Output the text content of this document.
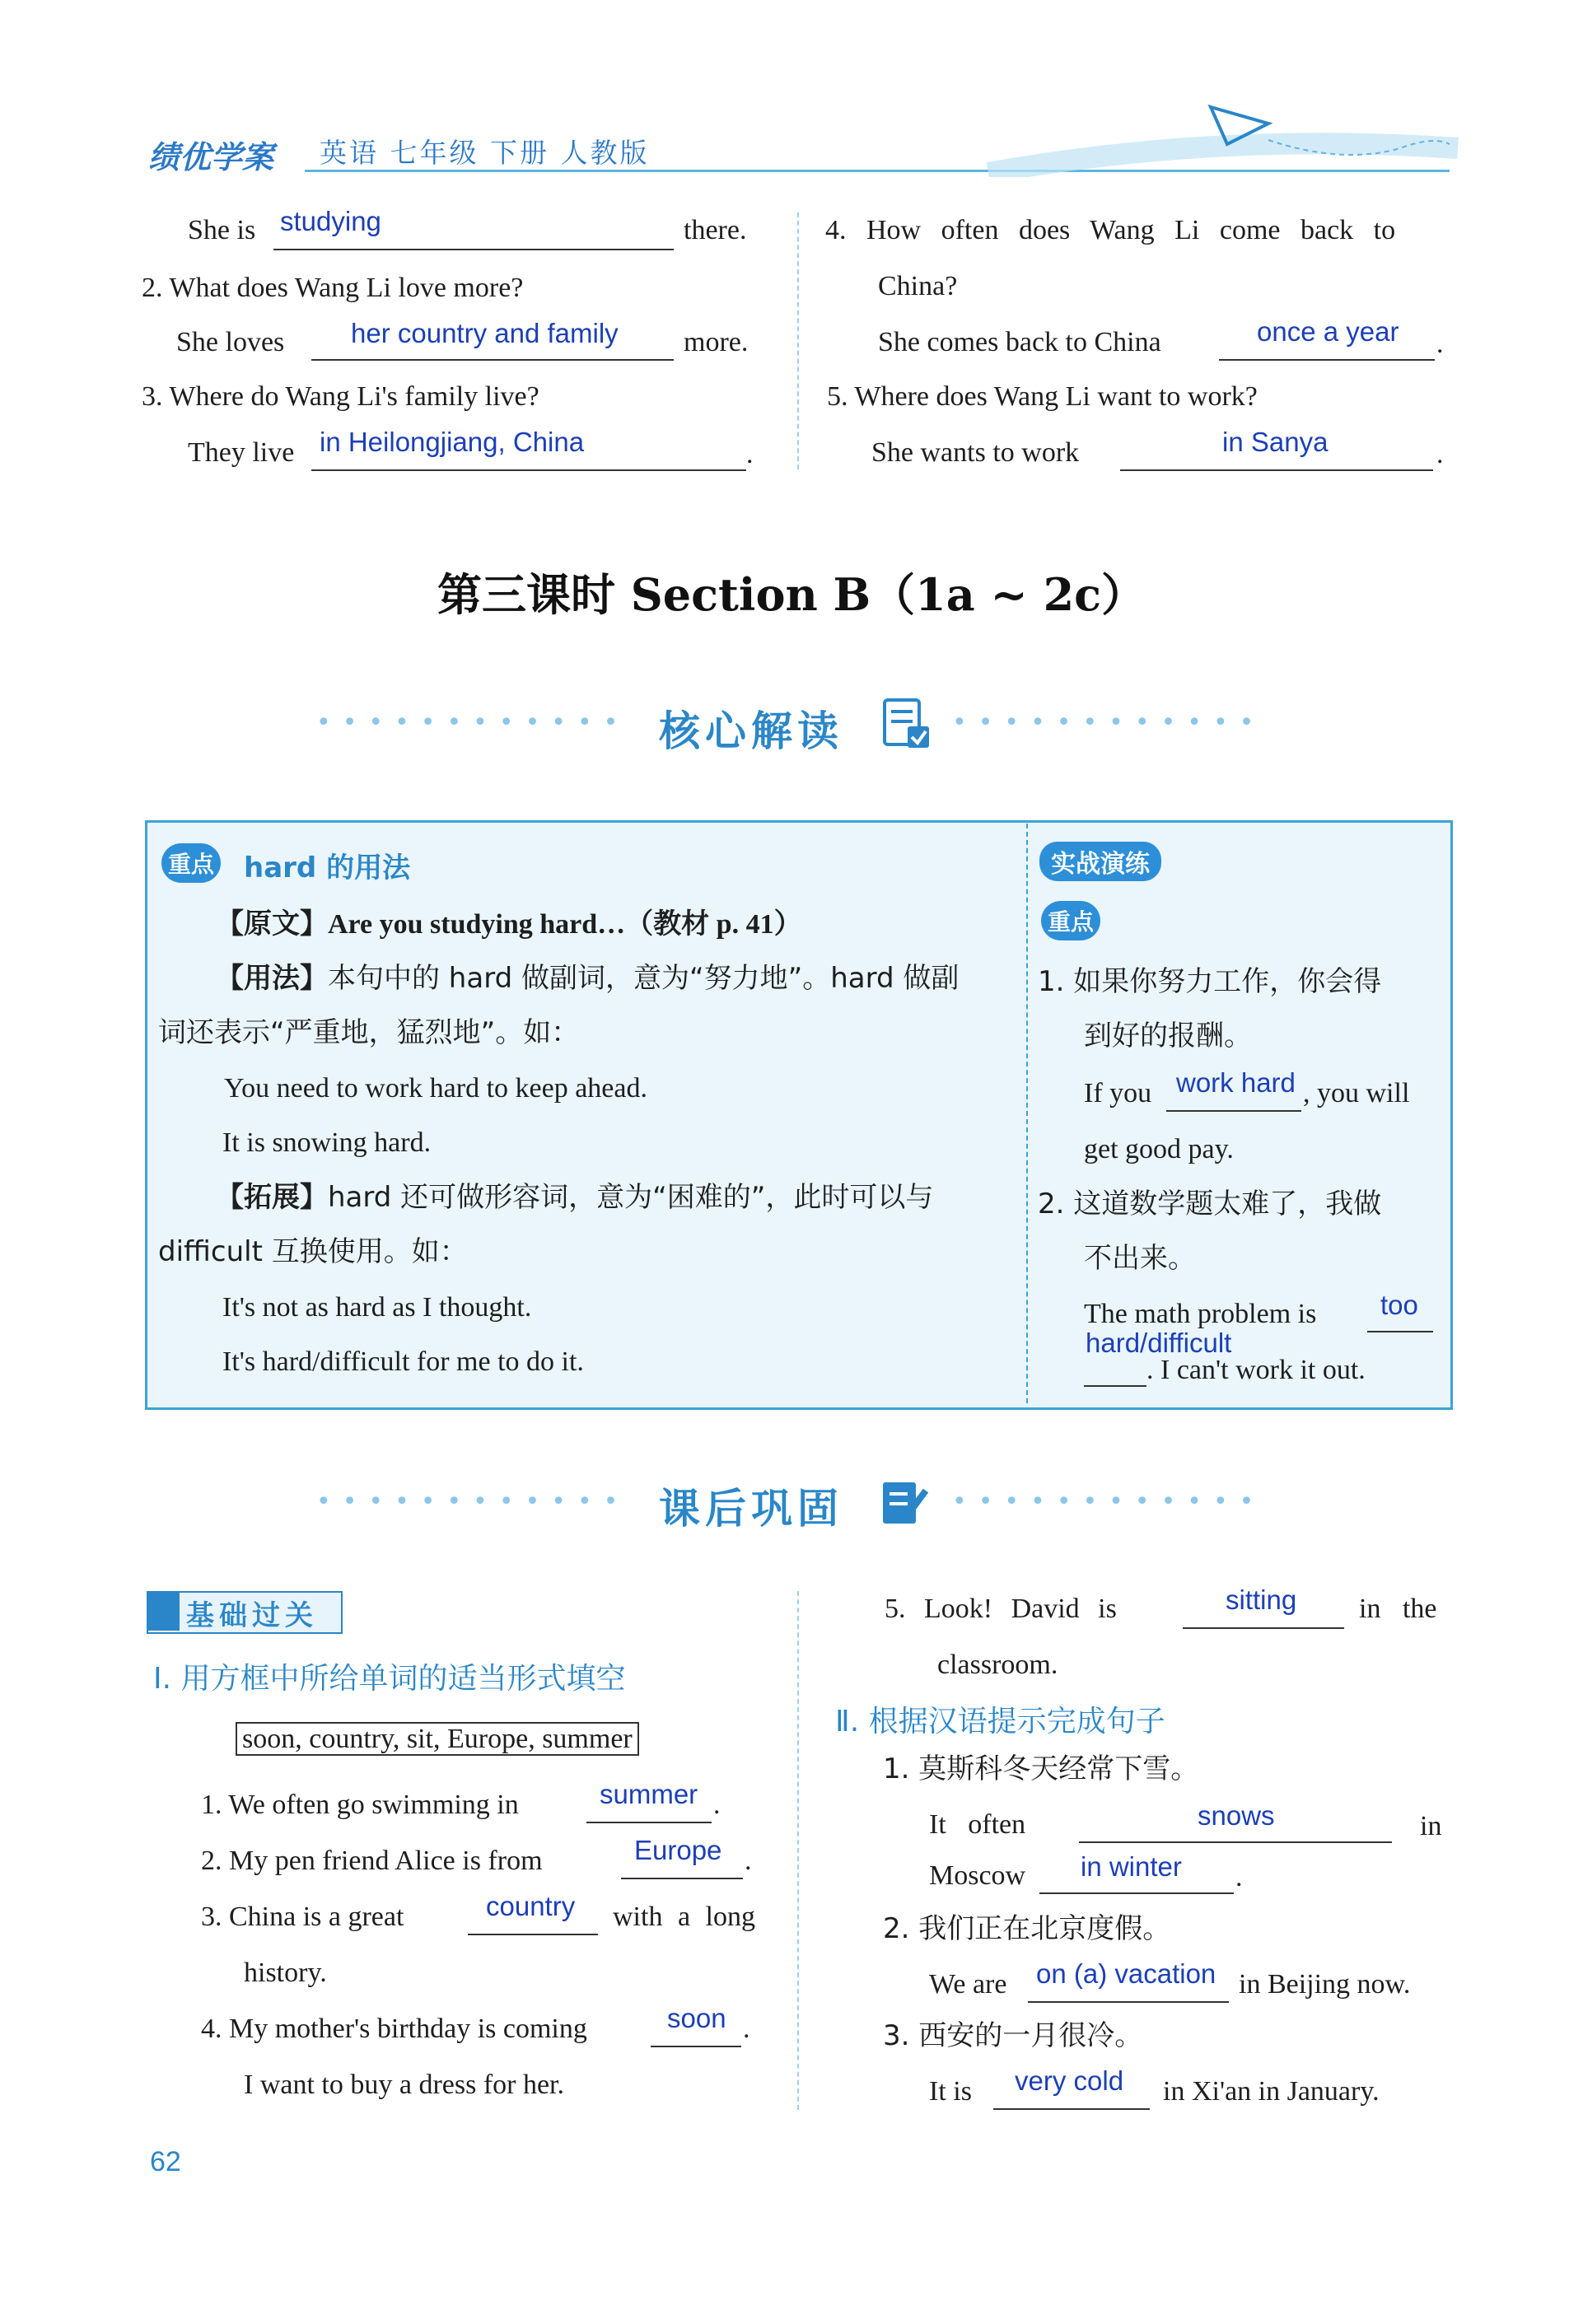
绩优学案 英语 七年级 下册 人教版
She is studying	there.
2. What does Wang Li love more?
She loves her country and family more.
3. Where do Wang Li's family live?
They live in Heilongjiang, China	.
4. How often does Wang Li come back to
China?
She comes back to China	once a year .
5. Where does Wang Li want to work?
She wants to work	in Sanya	.
第三课时 Section B（1a ~ 2c）
•••••••••••• 核心解读	••••••••••••
重点 hard 的用法
【原文】Are you studying hard…（教材 p. 41）
【用法】本句中的 hard 做副词，意为“努力地”。hard 做副
词还表示“严重地，猛烈地”。如：
You need to work hard to keep ahead.
It is snowing hard.
【拓展】hard 还可做形容词，意为“困难的”，此时可以与
difficult 互换使用。如：
It's not as hard as I thought.
It's hard/difficult for me to do it.
实战演练
重点
1. 如果你努力工作，你会得
到好的报酬。
If you work hard , you will
get good pay.
2. 这道数学题太难了，我做
不出来。
The math problem is too
hard/difficult
. I can't work it out.
•••••••••••• 课后巩固	••••••••••••
基础过关
Ⅰ. 用方框中所给单词的适当形式填空
soon, country, sit, Europe, summer
1. We often go swimming in	summer .
2. My pen friend Alice is from	Europe .
3. China is a great	country with a long
history.
4. My mother's birthday is coming	soon .
I want to buy a dress for her.
5. Look! David is	sitting in the
classroom.
Ⅱ. 根据汉语提示完成句子
1. 莫斯科冬天经常下雪。
It often	snows	in
Moscow in winter .
2. 我们正在北京度假。
We are on (a) vacation in Beijing now.
3. 西安的一月很冷。
It is very cold in Xi'an in January.
62
